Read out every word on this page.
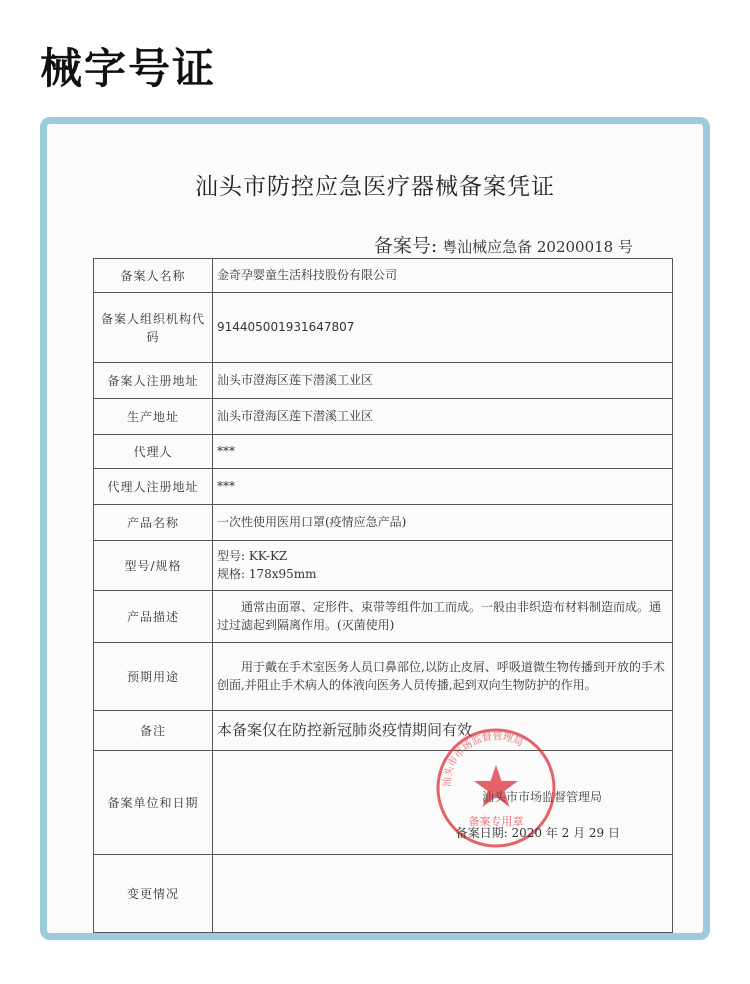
械字号证
汕头市防控应急医疗器械备案凭证
备案号: 粤汕械应急备 20200018 号
备案人名称	金奇孕婴童生活科技股份有限公司
备案人组织机构代码	914405001931647807
备案人注册地址	汕头市澄海区莲下潜溪工业区
生产地址	汕头市澄海区莲下潜溪工业区
代理人	***
代理人注册地址	***
产品名称	一次性使用医用口罩(疫情应急产品)
型号/规格	型号: KK-KZ
规格: 178x95mm

产品描述	通常由面罩、定形件、束带等组件加工而成。一般由非织造布材料制造而成。通过过滤起到隔离作用。(灭菌使用)
预期用途	用于戴在手术室医务人员口鼻部位,以防止皮屑、呼吸道微生物传播到开放的手术创面,并阻止手术病人的体液向医务人员传播,起到双向生物防护的作用。
备注	本备案仅在防控新冠肺炎疫情期间有效
备案单位和日期	备案专用章
汕头市市场监督管理局
汕头市市场监督管理局
备案日期: 2020 年 2 月 29 日

变更情况	
